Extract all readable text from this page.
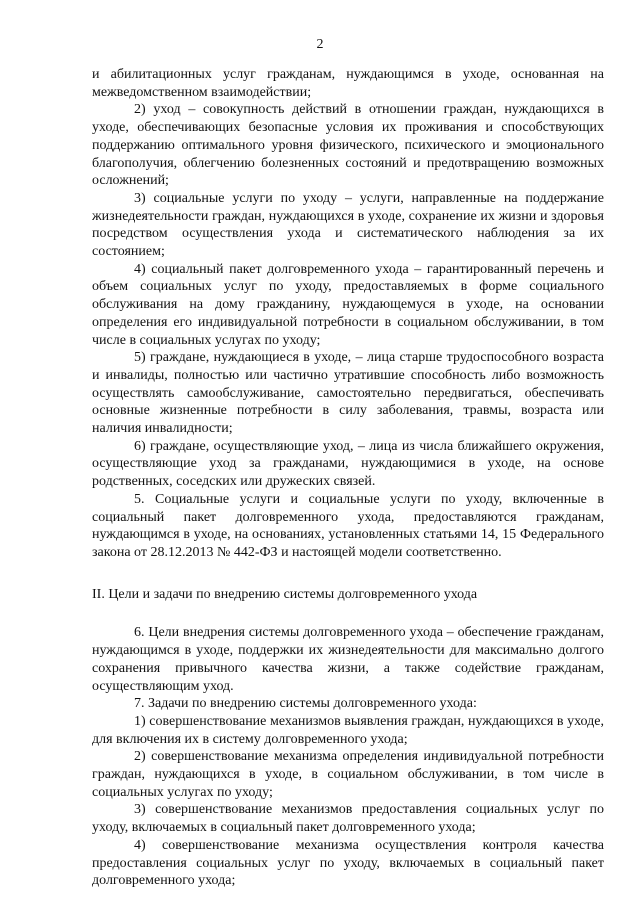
2

и абилитационных услуг гражданам, нуждающимся в уходе, основанная на межведомственном взаимодействии;

2) уход – совокупность действий в отношении граждан, нуждающихся в уходе, обеспечивающих безопасные условия их проживания и способствующих поддержанию оптимального уровня физического, психического и эмоционального благополучия, облегчению болезненных состояний и предотвращению возможных осложнений;

3) социальные услуги по уходу – услуги, направленные на поддержание жизнедеятельности граждан, нуждающихся в уходе, сохранение их жизни и здоровья посредством осуществления ухода и систематического наблюдения за их состоянием;

4) социальный пакет долговременного ухода – гарантированный перечень и объем социальных услуг по уходу, предоставляемых в форме социального обслуживания на дому гражданину, нуждающемуся в уходе, на основании определения его индивидуальной потребности в социальном обслуживании, в том числе в социальных услугах по уходу;

5) граждане, нуждающиеся в уходе, – лица старше трудоспособного возраста и инвалиды, полностью или частично утратившие способность либо возможность осуществлять самообслуживание, самостоятельно передвигаться, обеспечивать основные жизненные потребности в силу заболевания, травмы, возраста или наличия инвалидности;

6) граждане, осуществляющие уход, – лица из числа ближайшего окружения, осуществляющие уход за гражданами, нуждающимися в уходе, на основе родственных, соседских или дружеских связей.

5. Социальные услуги и социальные услуги по уходу, включенные в социальный пакет долговременного ухода, предоставляются гражданам, нуждающимся в уходе, на основаниях, установленных статьями 14, 15 Федерального закона от 28.12.2013 № 442-ФЗ и настоящей модели соответственно.

II. Цели и задачи по внедрению системы долговременного ухода

6. Цели внедрения системы долговременного ухода – обеспечение гражданам, нуждающимся в уходе, поддержки их жизнедеятельности для максимально долгого сохранения привычного качества жизни, а также содействие гражданам, осуществляющим уход.

7. Задачи по внедрению системы долговременного ухода:

1) совершенствование механизмов выявления граждан, нуждающихся в уходе, для включения их в систему долговременного ухода;

2) совершенствование механизма определения индивидуальной потребности граждан, нуждающихся в уходе, в социальном обслуживании, в том числе в социальных услугах по уходу;

3) совершенствование механизмов предоставления социальных услуг по уходу, включаемых в социальный пакет долговременного ухода;

4) совершенствование механизма осуществления контроля качества предоставления социальных услуг по уходу, включаемых в социальный пакет долговременного ухода;
